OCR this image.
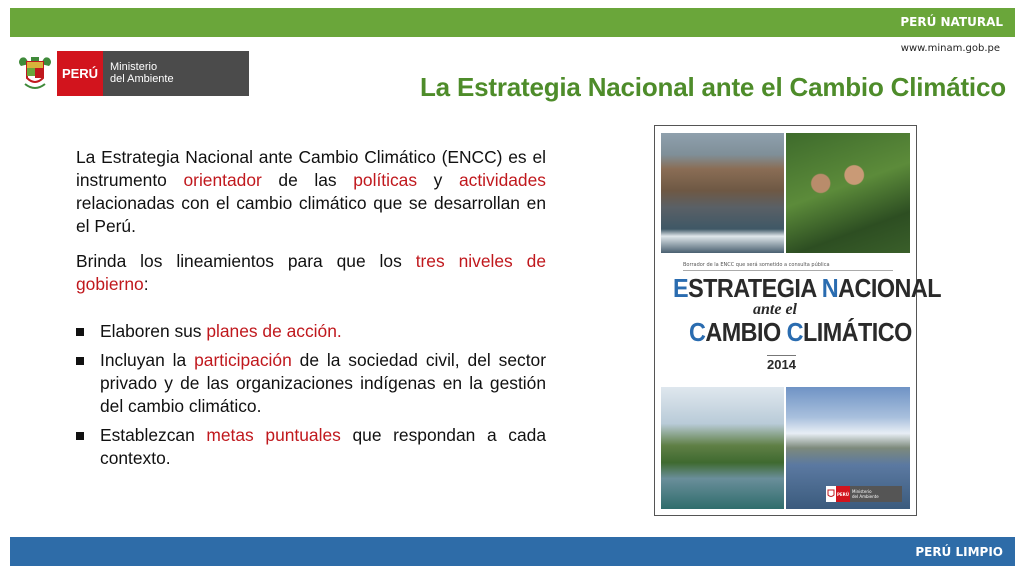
PERÚ NATURAL
www.minam.gob.pe
PERÚ	Ministerio
del Ambiente	La Estrategia Nacional ante el Cambio Climático

La Estrategia Nacional ante Cambio Climático (ENCC) es el instrumento orientador de las políticas y actividades relacionadas con el cambio climático que se desarrollan en el Perú.

Brinda los lineamientos para que los tres niveles de gobierno:

Elaboren sus planes de acción.
Incluyan la participación de la sociedad civil, del sector privado y de las organizaciones indígenas en la gestión del cambio climático.
Establezcan metas puntuales que respondan a cada contexto.
Borrador de la ENCC que será sometido a consulta pública
ESTRATEGIA NACIONAL
ante el
CAMBIO CLIMÁTICO
2014
PERÚ Ministerio
del Ambiente
PERÚ LIMPIO
